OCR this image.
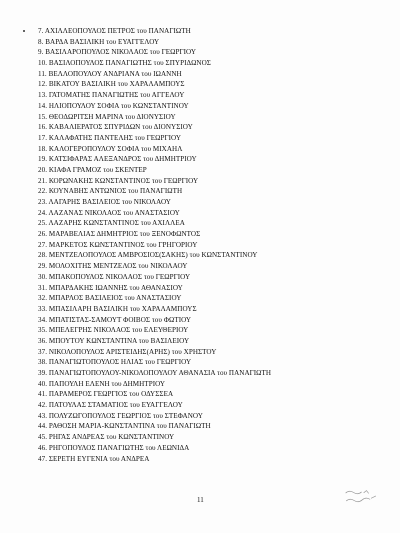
7. ΑΧΙΛΛΕΟΠΟΥΛΟΣ ΠΕΤΡΟΣ του ΠΑΝΑΓΙΩΤΗ
8. ΒΑΡΔΑ ΒΑΣΙΛΙΚΗ του ΕΥΑΓΓΕΛΟΥ
9. ΒΑΣΙΛΑΡΟΠΟΥΛΟΣ ΝΙΚΟΛΑΟΣ του ΓΕΩΡΓΙΟΥ
10. ΒΑΣΙΛΟΠΟΥΛΟΣ ΠΑΝΑΓΙΩΤΗΣ του ΣΠΥΡΙΔΩΝΟΣ
11. ΒΕΛΛΟΠΟΥΛΟΥ ΑΝΔΡΙΑΝΑ του ΙΩΑΝΝΗ
12. ΒΙΚΑΤΟΥ ΒΑΣΙΛΙΚΗ του ΧΑΡΑΛΑΜΠΟΥΣ
13. ΓΑΤΟΜΑΤΗΣ ΠΑΝΑΓΙΩΤΗΣ του ΑΓΓΕΛΟΥ
14. ΗΛΙΟΠΟΥΛΟΥ ΣΟΦΙΑ του ΚΩΝΣΤΑΝΤΙΝΟΥ
15. ΘΕΟΔΩΡΙΤΣΗ ΜΑΡΙΝΑ του ΔΙΟΝΥΣΙΟΥ
16. ΚΑΒΑΛΙΕΡΑΤΟΣ ΣΠΥΡΙΔΩΝ του ΔΙΟΝΥΣΙΟΥ
17. ΚΑΛΑΦΑΤΗΣ ΠΑΝΤΕΛΗΣ του ΓΕΩΡΓΙΟΥ
18. ΚΑΛΟΓΕΡΟΠΟΥΛΟΥ ΣΟΦΙΑ του ΜΙΧΑΗΛ
19. ΚΑΤΣΙΦΑΡΑΣ ΑΛΕΞΑΝΔΡΟΣ του ΔΗΜΗΤΡΙΟΥ
20. ΚΙΑΦΑ ΓΡΑΜΟΖ του ΣΚΕΝΤΕΡ
21. ΚΟΡΩΝΑΚΗΣ ΚΩΝΣΤΑΝΤΙΝΟΣ του ΓΕΩΡΓΙΟΥ
22. ΚΟΥΝΑΒΗΣ ΑΝΤΩΝΙΟΣ του ΠΑΝΑΓΙΩΤΗ
23. ΛΑΓΑΡΗΣ ΒΑΣΙΛΕΙΟΣ του ΝΙΚΟΛΑΟΥ
24. ΛΑΖΑΝΑΣ ΝΙΚΟΛΑΟΣ του ΑΝΑΣΤΑΣΙΟΥ
25. ΛΑΖΑΡΗΣ ΚΩΝΣΤΑΝΤΙΝΟΣ του ΑΧΙΛΛΕΑ
26. ΜΑΡΑΒΕΛΙΑΣ ΔΗΜΗΤΡΙΟΣ του ΞΕΝΟΦΩΝΤΟΣ
27. ΜΑΡΚΕΤΟΣ ΚΩΝΣΤΑΝΤΙΝΟΣ του ΓΡΗΓΟΡΙΟΥ
28. ΜΕΝΤΖΕΛΟΠΟΥΛΟΣ ΑΜΒΡΟΣΙΟΣ(ΣΑΚΗΣ) του ΚΩΝΣΤΑΝΤΙΝΟΥ
29. ΜΟΛΟΧΙΤΗΣ ΜΕΝΤΖΕΛΟΣ του ΝΙΚΟΛΑΟΥ
30. ΜΠΑΚΟΠΟΥΛΟΣ ΝΙΚΟΛΑΟΣ του ΓΕΩΡΓΙΟΥ
31. ΜΠΑΡΔΑΚΗΣ ΙΩΑΝΝΗΣ του ΑΘΑΝΑΣΙΟΥ
32. ΜΠΑΡΛΟΣ ΒΑΣΙΛΕΙΟΣ του ΑΝΑΣΤΑΣΙΟΥ
33. ΜΠΑΣΙΛΑΡΗ ΒΑΣΙΛΙΚΗ του ΧΑΡΑΛΑΜΠΟΥΣ
34. ΜΠΑΤΙΣΤΑΣ-ΣΑΜΟΥΤ ΦΟΙΒΟΣ του ΦΩΤΙΟΥ
35. ΜΠΕΛΕΓΡΗΣ ΝΙΚΟΛΑΟΣ του ΕΛΕΥΘΕΡΙΟΥ
36. ΜΠΟΥΤΟΥ ΚΩΝΣΤΑΝΤΙΝΑ του ΒΑΣΙΛΕΙΟΥ
37. ΝΙΚΟΛΟΠΟΥΛΟΣ ΑΡΙΣΤΕΙΔΗΣ(ΑΡΗΣ) του ΧΡΗΣΤΟΥ
38. ΠΑΝΑΓΙΩΤΟΠΟΥΛΟΣ ΗΛΙΑΣ του ΓΕΩΡΓΙΟΥ
39. ΠΑΝΑΓΙΩΤΟΠΟΥΛΟΥ-ΝΙΚΟΛΟΠΟΥΛΟΥ ΑΘΑΝΑΣΙΑ του ΠΑΝΑΓΙΩΤΗ
40. ΠΑΠΟΥΛΗ ΕΛΕΝΗ του ΔΗΜΗΤΡΙΟΥ
41. ΠΑΡΑΜΕΡΟΣ ΓΕΩΡΓΙΟΣ του ΟΔΥΣΣΕΑ
42. ΠΑΤΟΥΛΑΣ ΣΤΑΜΑΤΙΟΣ του ΕΥΑΓΓΕΛΟΥ
43. ΠΟΛΥΖΩΓΟΠΟΥΛΟΣ ΓΕΩΡΓΙΟΣ του ΣΤΕΦΑΝΟΥ
44. ΡΑΘΟΣΗ ΜΑΡΙΑ-ΚΩΝΣΤΑΝΤΙΝΑ του ΠΑΝΑΓΙΩΤΗ
45. ΡΗΓΑΣ ΑΝΔΡΕΑΣ του ΚΩΝΣΤΑΝΤΙΝΟΥ
46. ΡΗΓΟΠΟΥΛΟΣ ΠΑΝΑΓΙΩΤΗΣ του ΛΕΩΝΙΔΑ
47. ΣΕΡΕΤΗ ΕΥΓΕΝΙΑ του ΑΝΔΡΕΑ
11
